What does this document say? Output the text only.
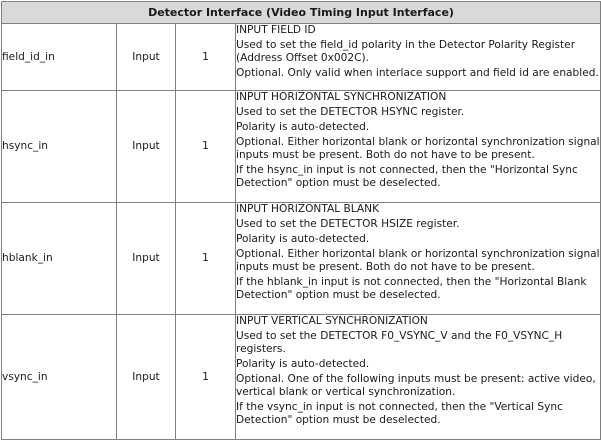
Detector Interface (Video Timing Input Interface)			
field_id_in	Input	1	INPUT FIELD ID

Used to set the field_id polarity in the Detector Polarity Register (Address Offset 0x002C).

Optional. Only valid when interlace support and field id are enabled.

hsync_in	Input	1	INPUT HORIZONTAL SYNCHRONIZATION

Used to set the DETECTOR HSYNC register.

Polarity is auto-detected.

Optional. Either horizontal blank or horizontal synchronization signal inputs must be present. Both do not have to be present.

If the hsync_in input is not connected, then the "Horizontal Sync Detection" option must be deselected.

hblank_in	Input	1	INPUT HORIZONTAL BLANK

Used to set the DETECTOR HSIZE register.

Polarity is auto-detected.

Optional. Either horizontal blank or horizontal synchronization signal inputs must be present. Both do not have to be present.

If the hblank_in input is not connected, then the "Horizontal Blank Detection" option must be deselected.

vsync_in	Input	1	INPUT VERTICAL SYNCHRONIZATION

Used to set the DETECTOR F0_VSYNC_V and the F0_VSYNC_H registers.

Polarity is auto-detected.

Optional. One of the following inputs must be present: active video, vertical blank or vertical synchronization.

If the vsync_in input is not connected, then the "Vertical Sync Detection" option must be deselected.
